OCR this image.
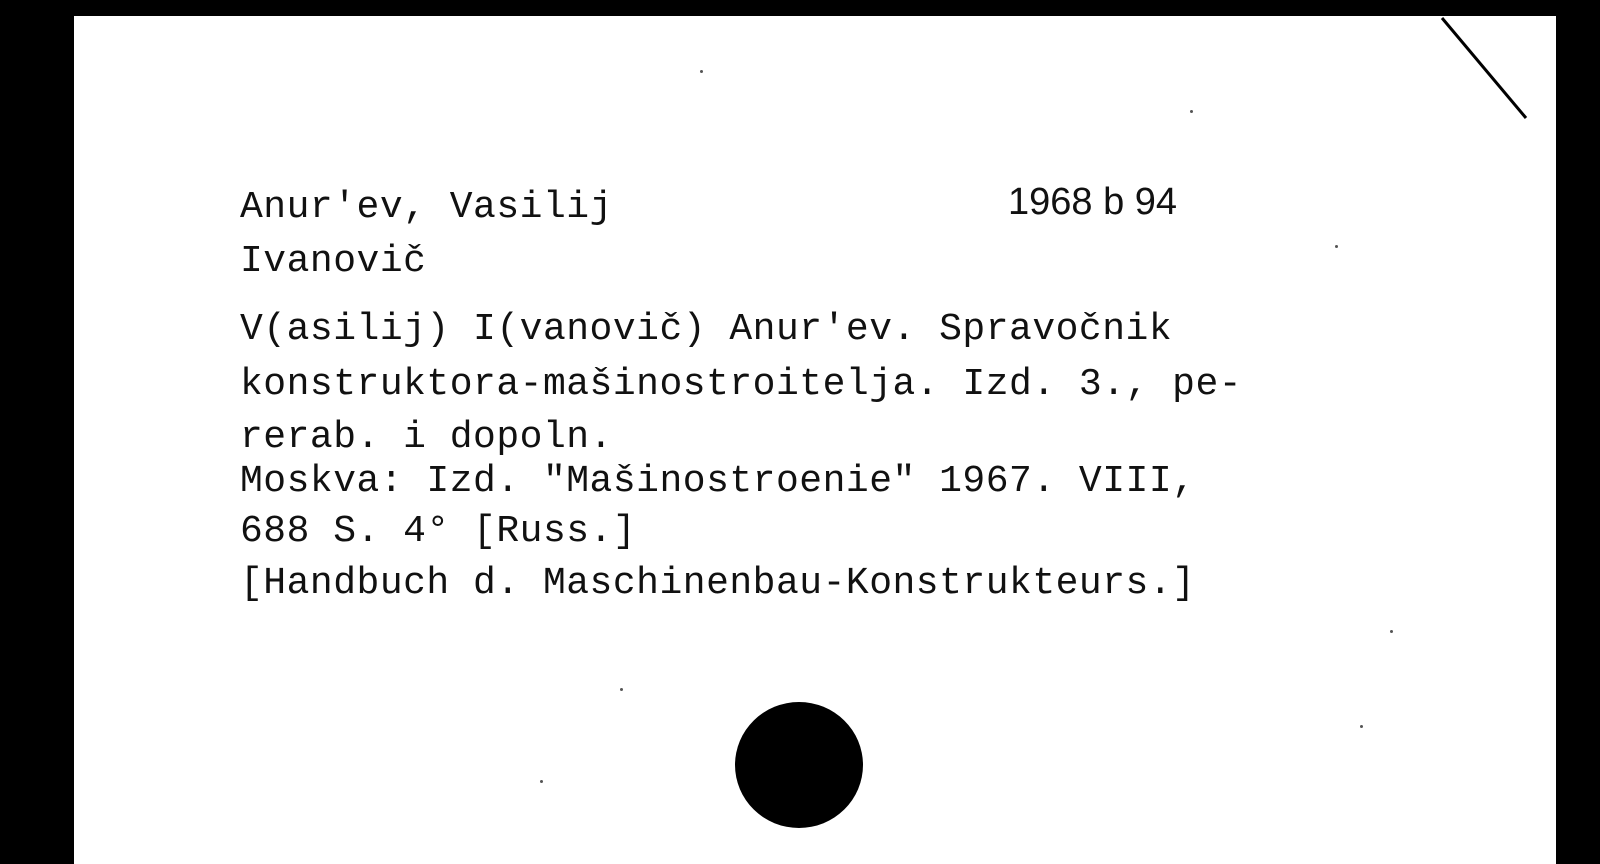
Anur'ev, Vasilij
Ivanovič
1968 b 94
V(asilij) I(vanovič) Anur'ev. Spravočnik
konstruktora-mašinostroitelja. Izd. 3., pe-
rerab. i dopoln.
Moskva: Izd. "Mašinostroenie" 1967. VIII,
688 S. 4° [Russ.]
[Handbuch d. Maschinenbau-Konstrukteurs.]
